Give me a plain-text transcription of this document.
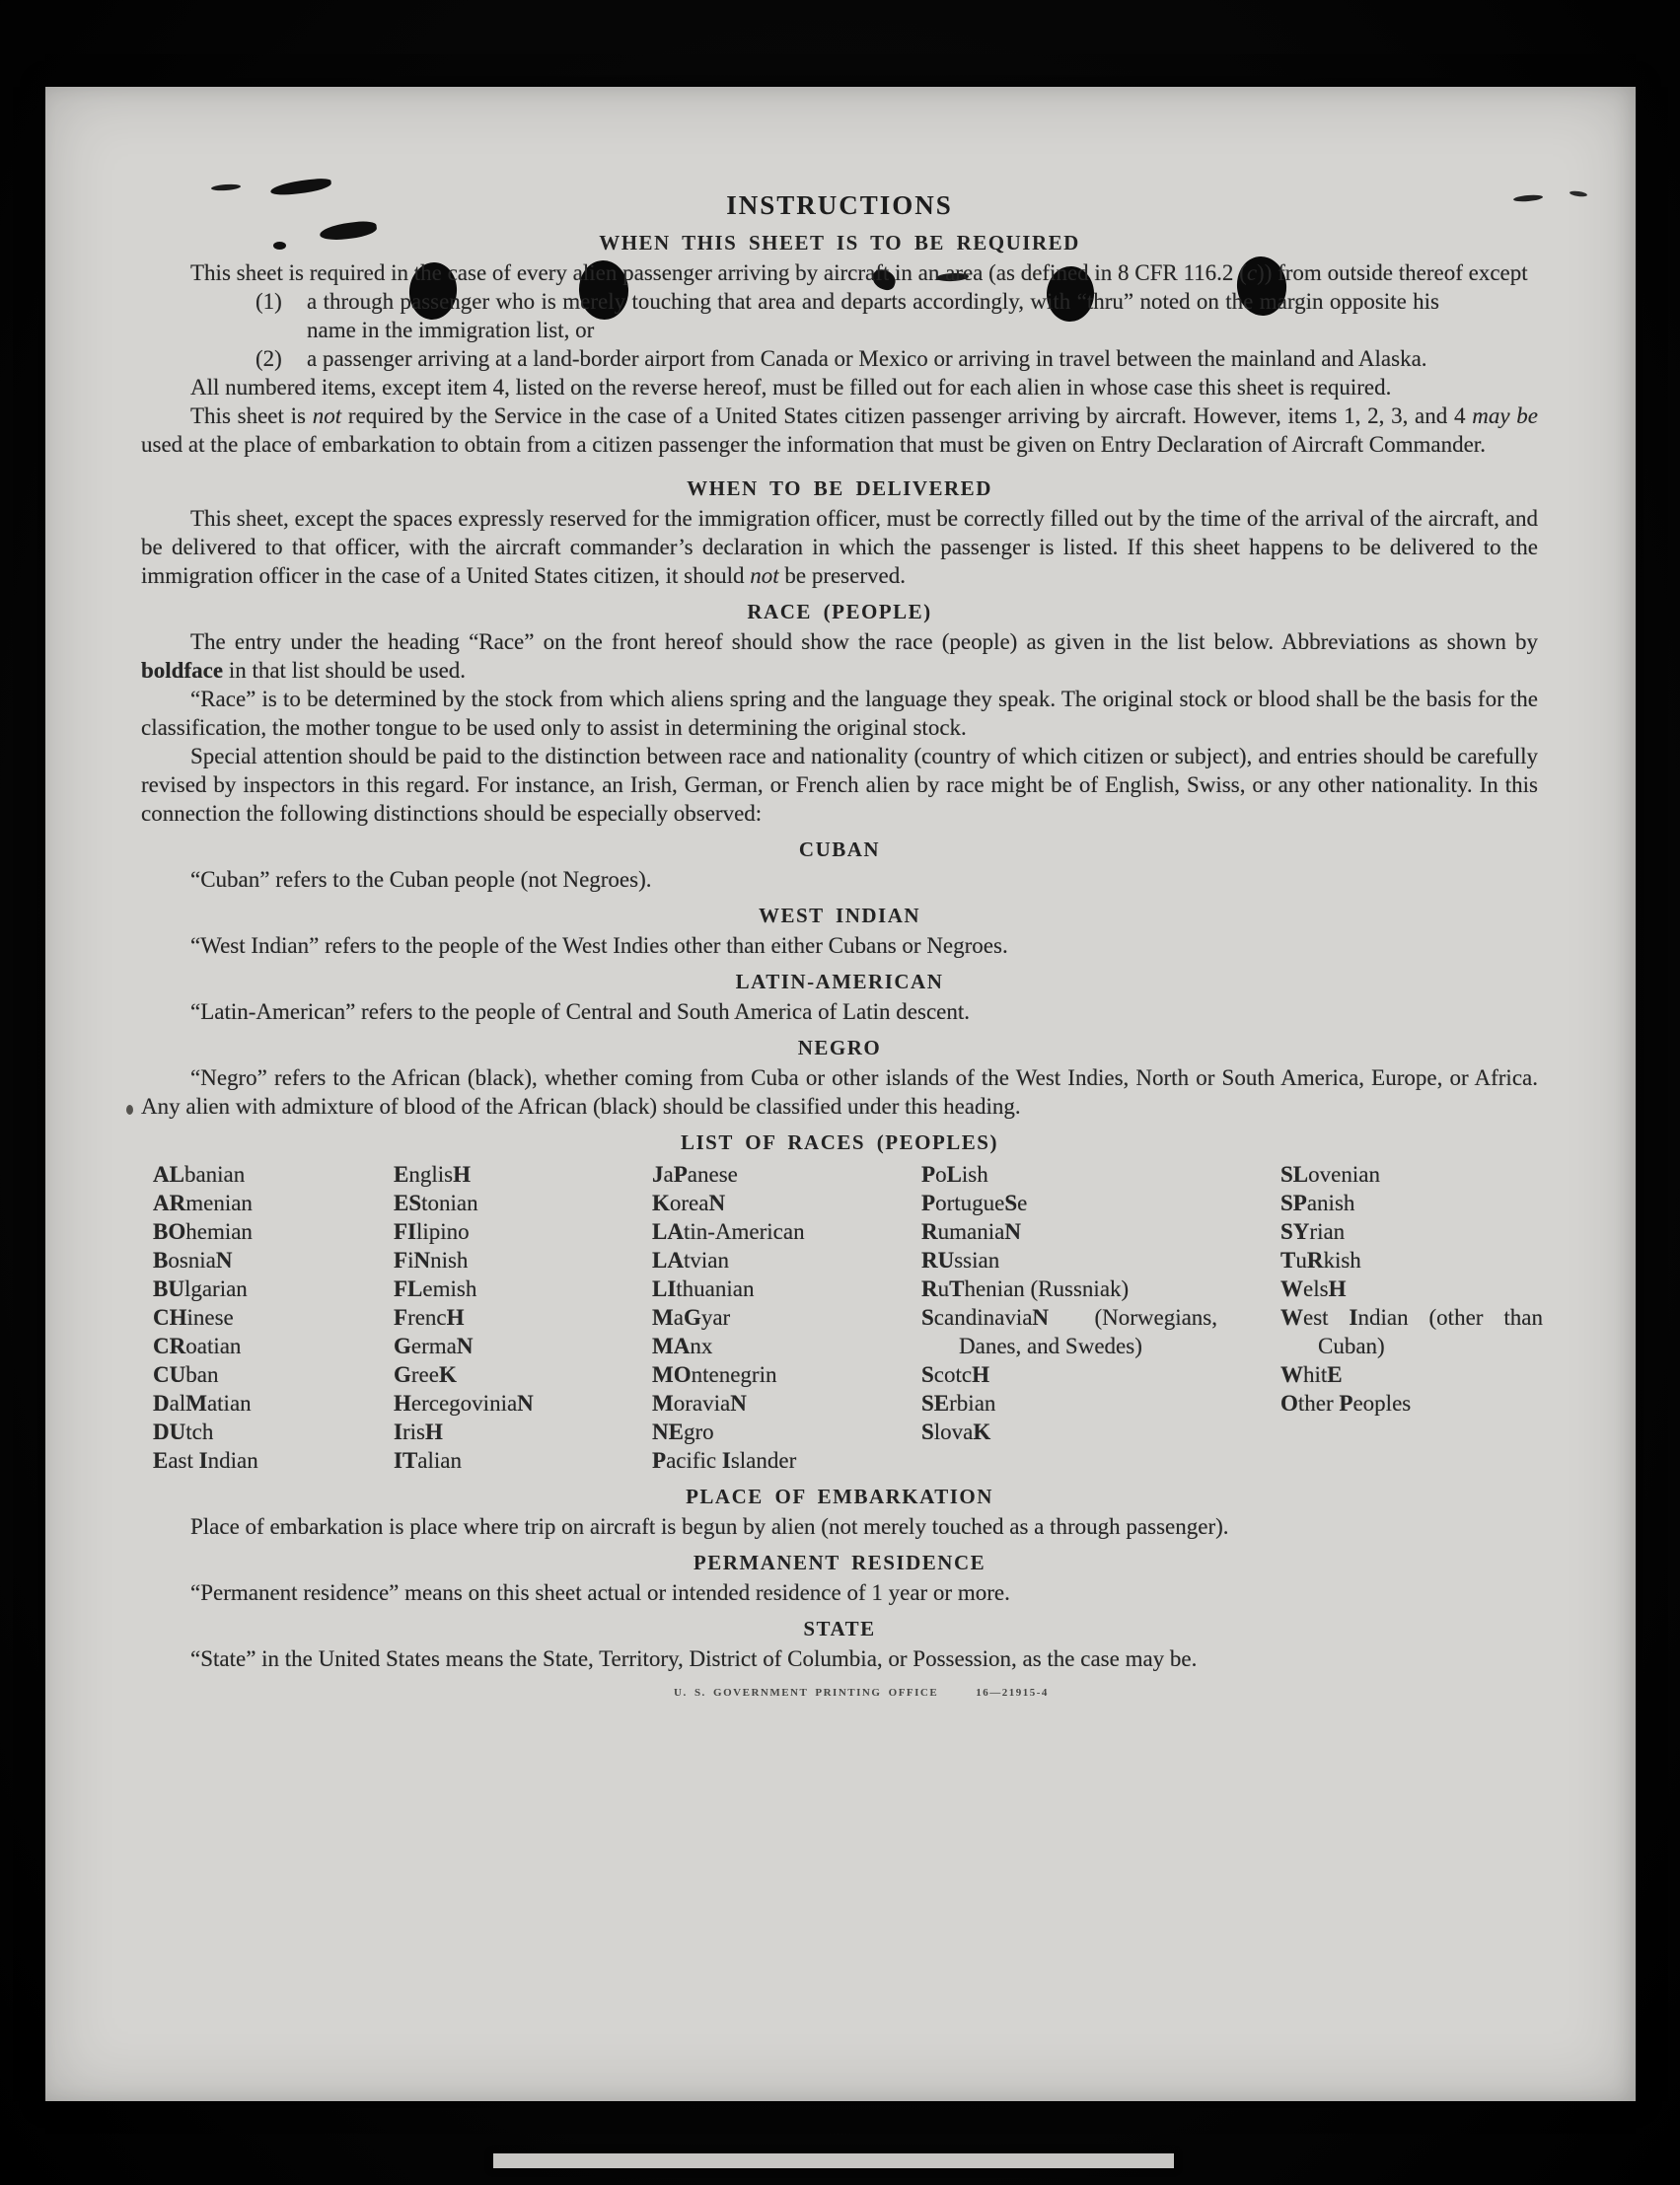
INSTRUCTIONS
WHEN THIS SHEET IS TO BE REQUIRED

This sheet is required in the case of every alien passenger arriving by aircraft in an area (as defined in 8 CFR 116.2 (c)) from outside thereof except

(1) a through passenger who is merely touching that area and departs accordingly, with “thru” noted on the margin opposite his name in the immigration list, or
(2) a passenger arriving at a land-border airport from Canada or Mexico or arriving in travel between the mainland and Alaska.

All numbered items, except item 4, listed on the reverse hereof, must be filled out for each alien in whose case this sheet is required.

This sheet is not required by the Service in the case of a United States citizen passenger arriving by aircraft. However, items 1, 2, 3, and 4 may be used at the place of embarkation to obtain from a citizen passenger the information that must be given on Entry Declaration of Aircraft Commander.

WHEN TO BE DELIVERED

This sheet, except the spaces expressly reserved for the immigration officer, must be correctly filled out by the time of the arrival of the aircraft, and be delivered to that officer, with the aircraft commander’s declaration in which the passenger is listed. If this sheet happens to be delivered to the immigration officer in the case of a United States citizen, it should not be preserved.

RACE (PEOPLE)

The entry under the heading “Race” on the front hereof should show the race (people) as given in the list below. Abbreviations as shown by boldface in that list should be used.

“Race” is to be determined by the stock from which aliens spring and the language they speak. The original stock or blood shall be the basis for the classification, the mother tongue to be used only to assist in determining the original stock.

Special attention should be paid to the distinction between race and nationality (country of which citizen or subject), and entries should be carefully revised by inspectors in this regard. For instance, an Irish, German, or French alien by race might be of English, Swiss, or any other nationality. In this connection the following distinctions should be especially observed:

CUBAN

“Cuban” refers to the Cuban people (not Negroes).

WEST INDIAN

“West Indian” refers to the people of the West Indies other than either Cubans or Negroes.

LATIN-AMERICAN

“Latin-American” refers to the people of Central and South America of Latin descent.

NEGRO

“Negro” refers to the African (black), whether coming from Cuba or other islands of the West Indies, North or South America, Europe, or Africa. Any alien with admixture of blood of the African (black) should be classified under this heading.

LIST OF RACES (PEOPLES)
ALbanian
ARmenian
BOhemian
BosniaN
BUlgarian
CHinese
CRoatian
CUban
DalMatian
DUtch
East Indian
EnglisH
EStonian
FIlipino
FiNnish
FLemish
FrencH
GermaN
GreeK
HercegoviniaN
IrisH
ITalian
JaPanese
KoreaN
LAtin-American
LAtvian
LIthuanian
MaGyar
MAnx
MOntenegrin
MoraviaN
NEgro
Pacific Islander
PoLish
PortugueSe
RumaniaN
RUssian
RuThenian (Russniak)
ScandinaviaN (Norwegians, Danes, and Swedes)
ScotcH
SErbian
SlovaK
SLovenian
SPanish
SYrian
TuRkish
WelsH
West Indian (other than Cuban)
WhitE
Other Peoples
PLACE OF EMBARKATION

Place of embarkation is place where trip on aircraft is begun by alien (not merely touched as a through passenger).

PERMANENT RESIDENCE

“Permanent residence” means on this sheet actual or intended residence of 1 year or more.

STATE

“State” in the United States means the State, Territory, District of Columbia, or Possession, as the case may be.

U. S. GOVERNMENT PRINTING OFFICE	16—21915-4
